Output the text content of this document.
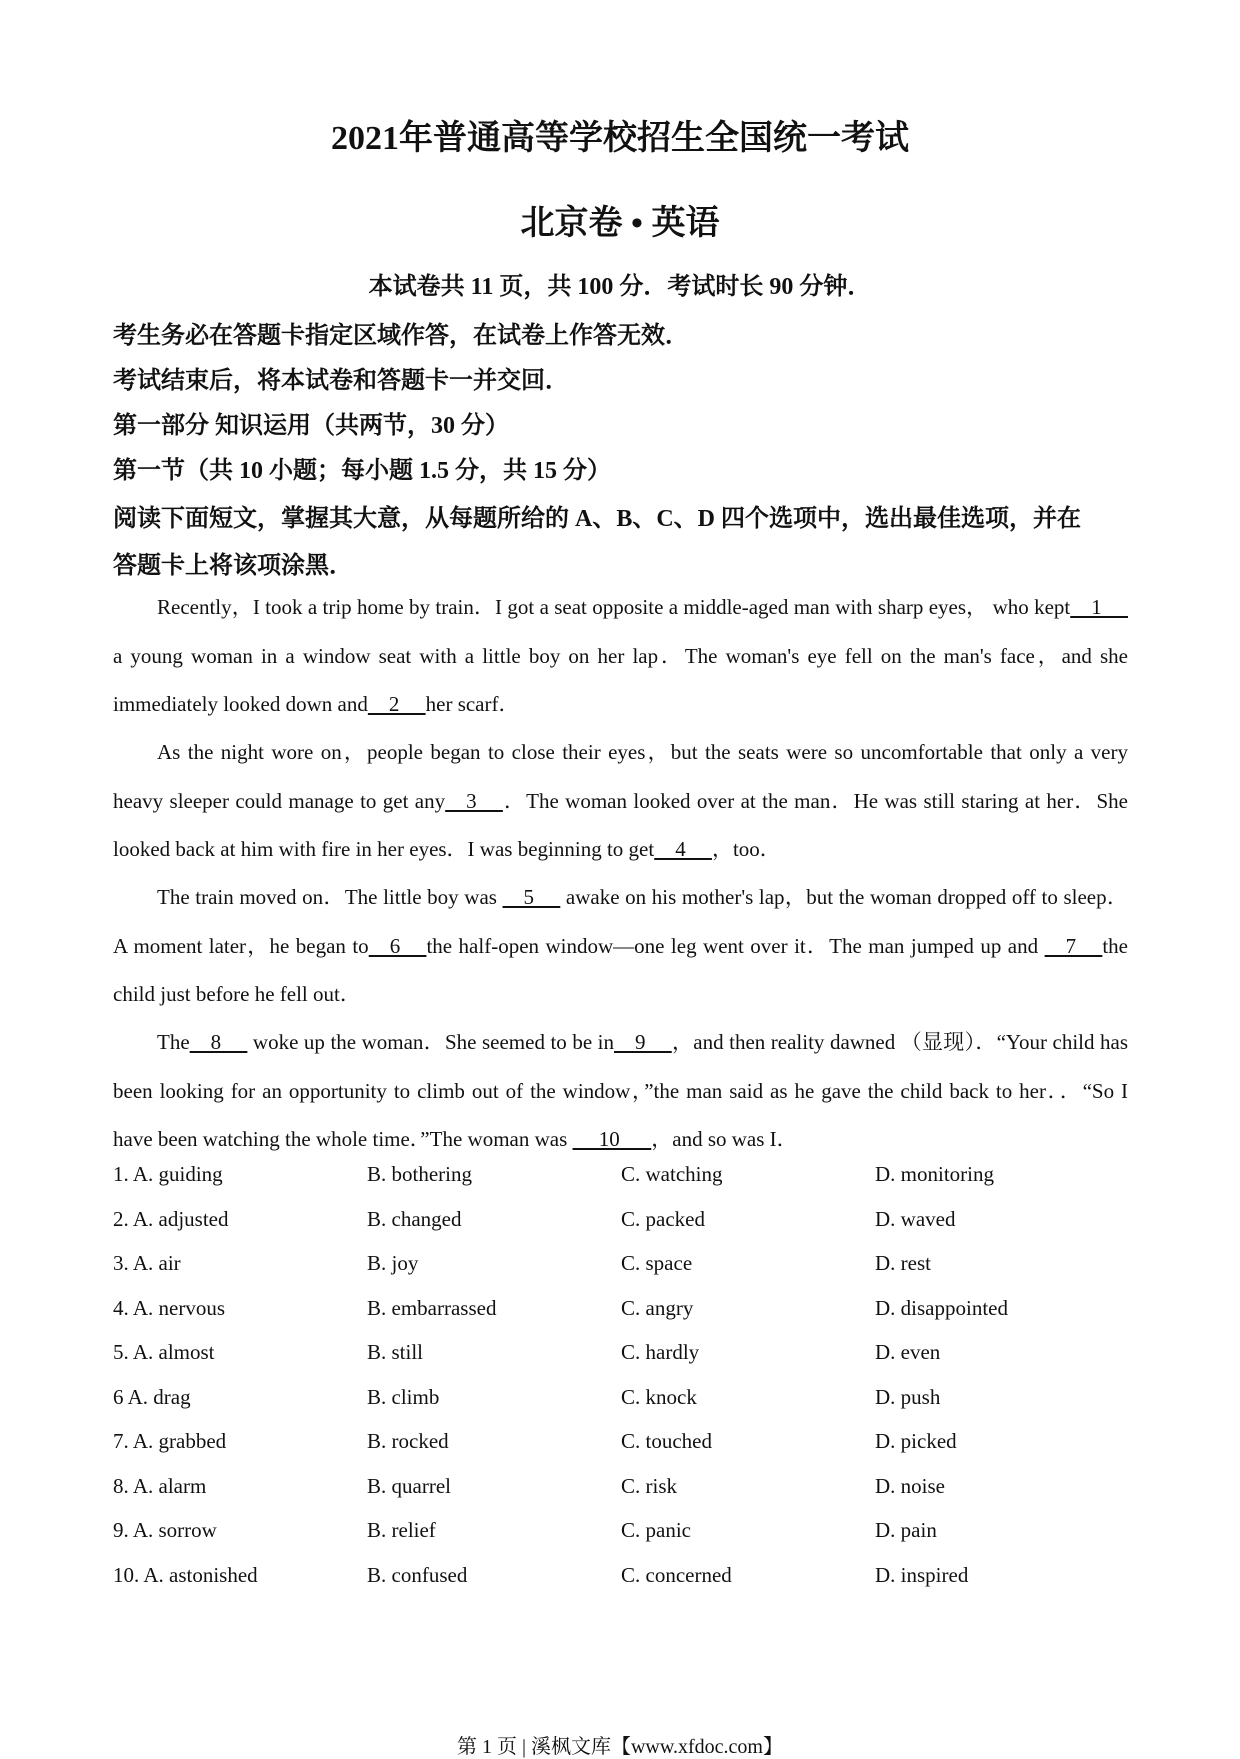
2021年普通高等学校招生全国统一考试
北京卷 • 英语
本试卷共 11 页，共 100 分．考试时长 90 分钟．
考生务必在答题卡指定区域作答，在试卷上作答无效．
考试结束后，将本试卷和答题卡一并交回．
第一部分 知识运用（共两节，30 分）
第一节（共 10 小题；每小题 1.5 分，共 15 分）
阅读下面短文，掌握其大意，从每题所给的 A、B、C、D 四个选项中，选出最佳选项，并在
答题卡上将该项涂黑．
Recently，I took a trip home by train．I got a seat opposite a middle-aged man with sharp eyes， who kept    1     a young woman in a window seat with a little boy on her lap．The woman's eye fell on the man's face，and she immediately looked down and    2     her scarf．
As the night wore on，people began to close their eyes，but the seats were so uncomfortable that only a very heavy sleeper could manage to get any    3     ．The woman looked over at the man．He was still staring at her．She looked back at him with fire in her eyes．I was beginning to get    4     ，too．
The train moved on．The little boy was     5      awake on his mother's lap，but the woman dropped off to sleep．A moment later，he began to    6     the half-open window—one leg went over it．The man jumped up and     7     the child just before he fell out．
The    8      woke up the woman．She seemed to be in    9     ，and then reality dawned （显现）．“Your child has been looking for an opportunity to climb out of the window，”the man said as he gave the child back to her．．“So I have been watching the whole time．”The woman was      10      ，and so was I．
1. A. guiding	B. bothering	C. watching	D. monitoring
2. A. adjusted	B. changed	C. packed	D. waved
3. A. air	B. joy	C. space	D. rest
4. A. nervous	B. embarrassed	C. angry	D. disappointed
5. A. almost	B. still	C. hardly	D. even
6 A. drag	B. climb	C. knock	D. push
7. A. grabbed	B. rocked	C. touched	D. picked
8. A. alarm	B. quarrel	C. risk	D. noise
9. A. sorrow	B. relief	C. panic	D. pain
10. A. astonished	B. confused	C. concerned	D. inspired
第 1 页 | 溪枫文库【www.xfdoc.com】
